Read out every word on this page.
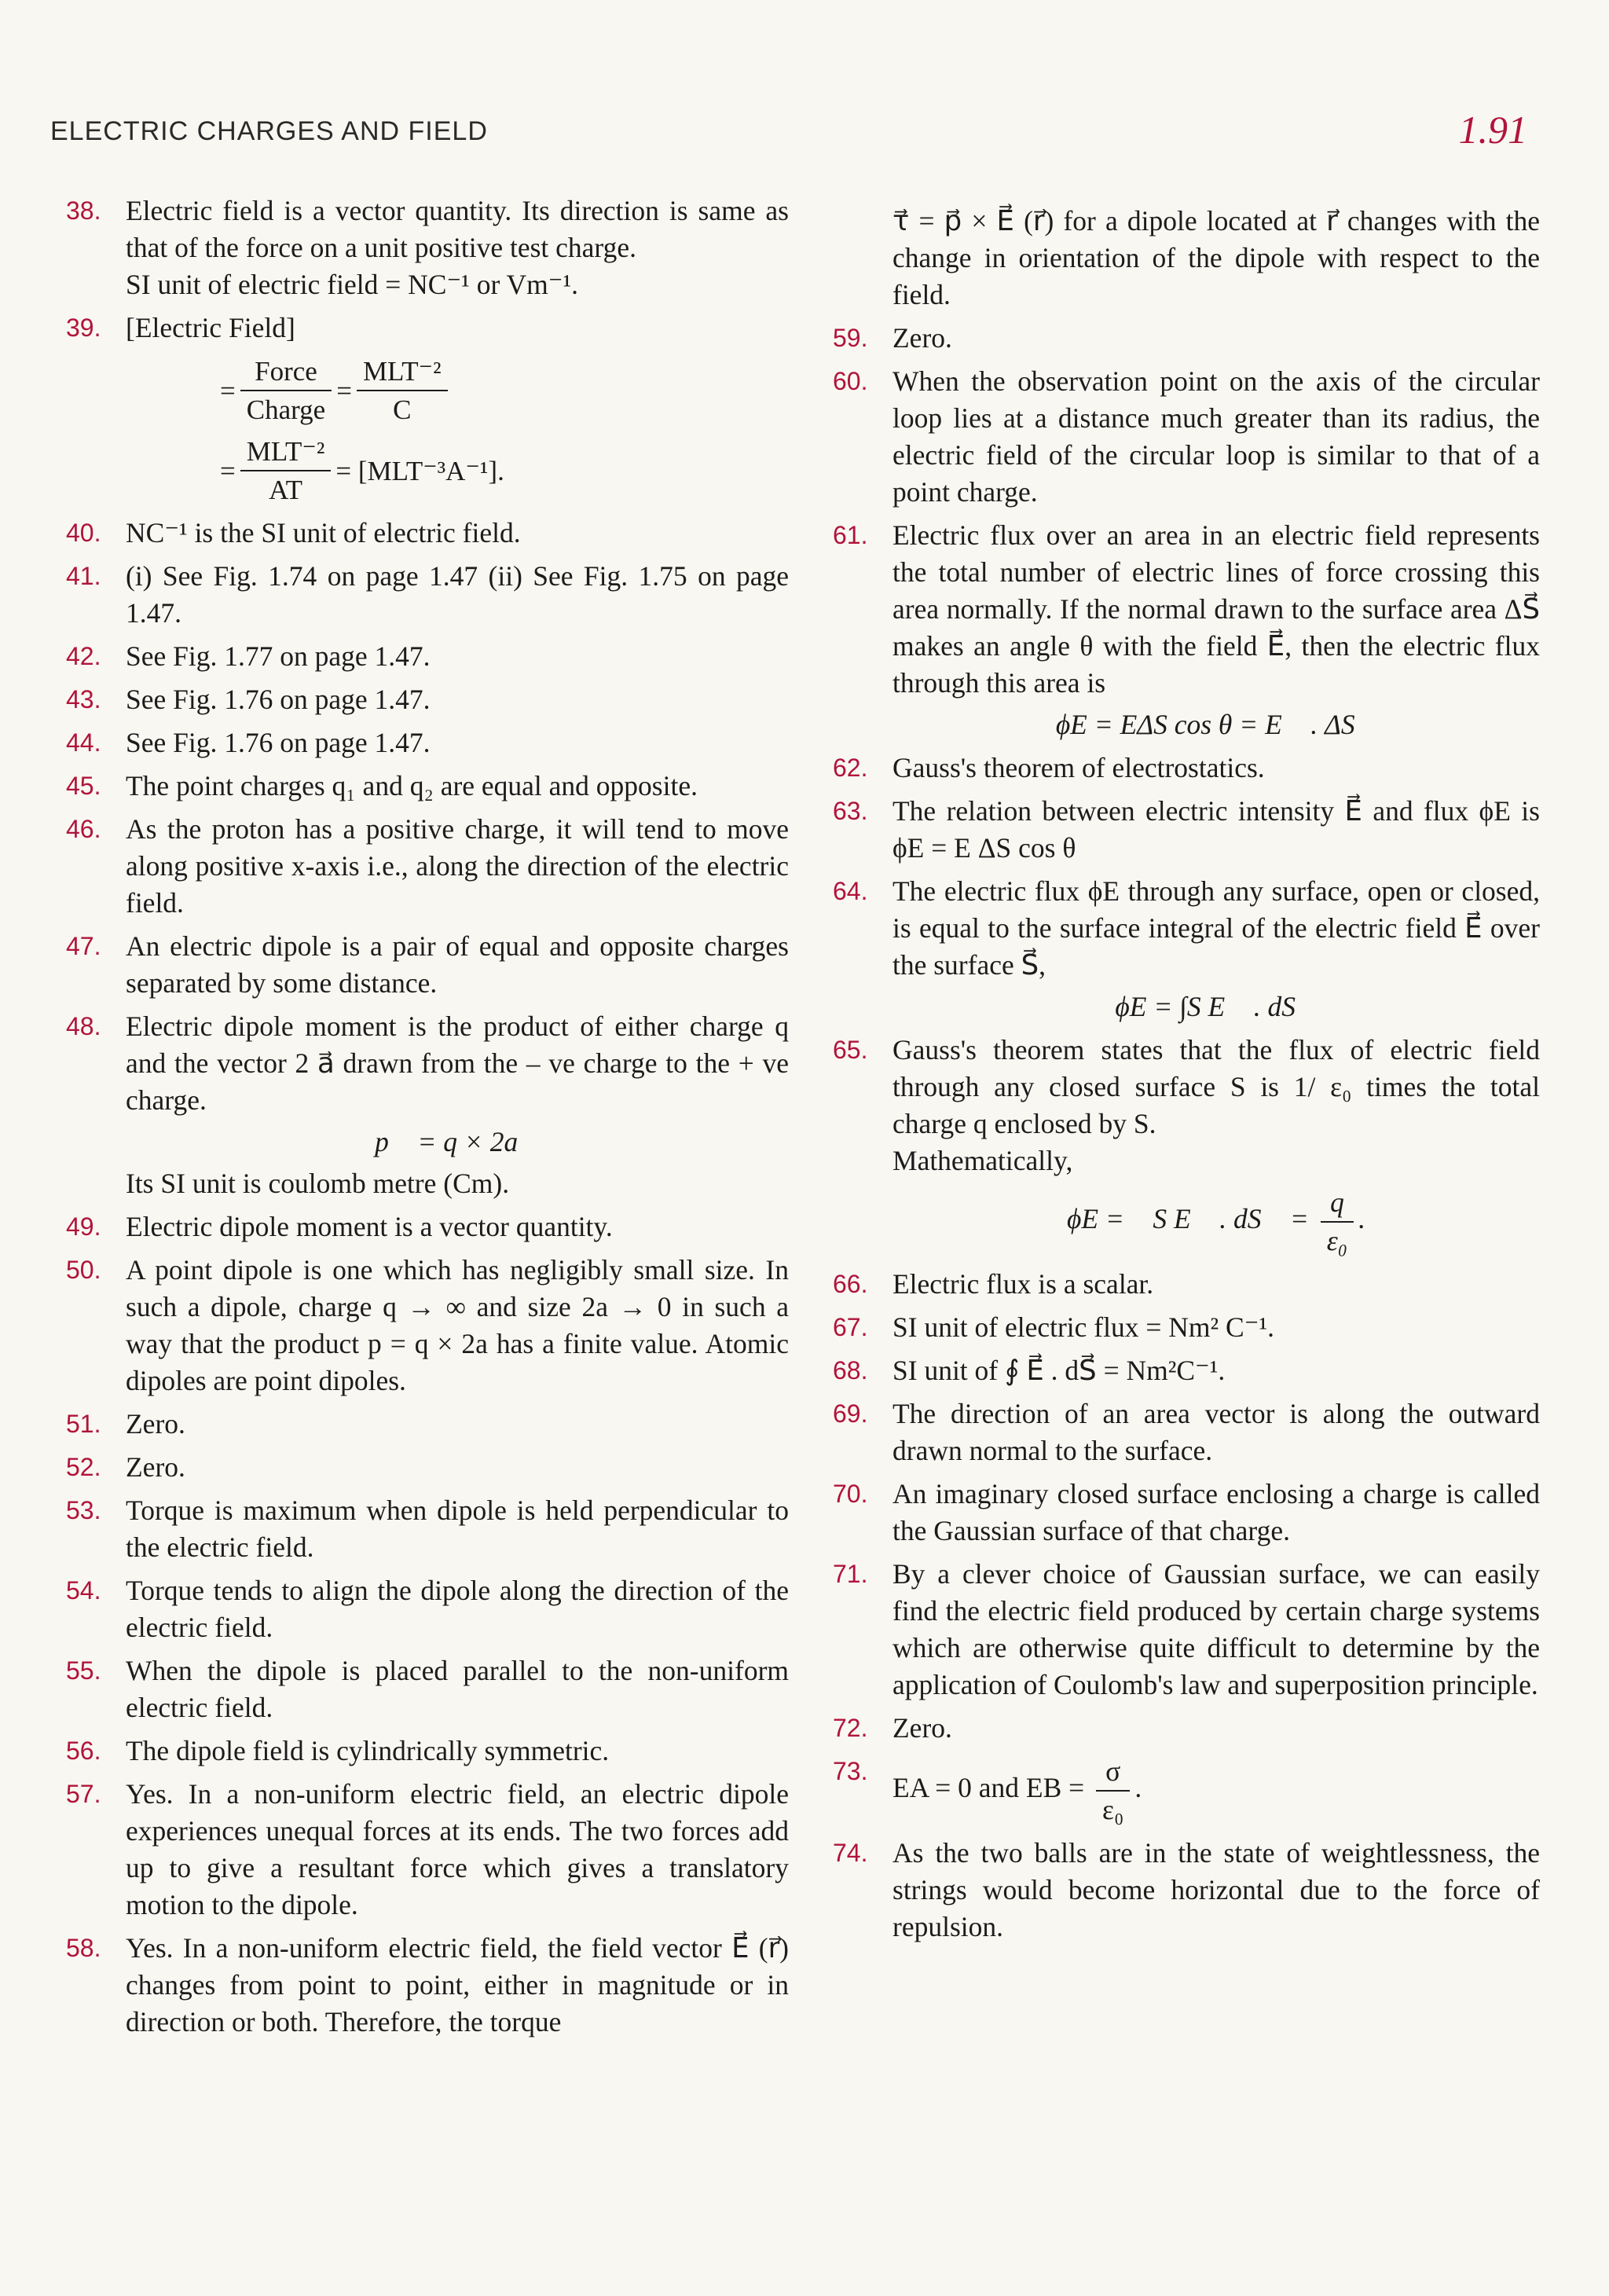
ELECTRIC CHARGES AND FIELD	1.91
38. Electric field is a vector quantity. Its direction is same as that of the force on a unit positive test charge.
SI unit of electric field = NC⁻¹ or Vm⁻¹.
39. [Electric Field]
= $\frac{\text{Force}}{\text{Charge}} = \frac{\text{MLT⁻²}}{C}$
= $\frac{\text{MLT⁻²}}{AT} = [MLT^{-3}A^{-1}]$.
40. NC⁻¹ is the SI unit of electric field.
41. (i) See Fig. 1.74 on page 1.47 (ii) See Fig. 1.75 on page 1.47.
42. See Fig. 1.77 on page 1.47.
43. See Fig. 1.76 on page 1.47.
44. See Fig. 1.76 on page 1.47.
45. The point charges q₁ and q₂ are equal and opposite.
46. As the proton has a positive charge, it will tend to move along positive x-axis i.e., along the direction of the electric field.
47. An electric dipole is a pair of equal and opposite charges separated by some distance.
48. Electric dipole moment is the product of either charge q and the vector 2 a⃗ drawn from the – ve charge to the + ve charge.
p⃗ = q × 2a⃗
Its SI unit is coulomb metre (Cm).
49. Electric dipole moment is a vector quantity.
50. A point dipole is one which has negligibly small size. In such a dipole, charge q → ∞ and size 2a → 0 in such a way that the product p = q × 2a has a finite value. Atomic dipoles are point dipoles.
51. Zero.
52. Zero.
53. Torque is maximum when dipole is held perpendicular to the electric field.
54. Torque tends to align the dipole along the direction of the electric field.
55. When the dipole is placed parallel to the non-uniform electric field.
56. The dipole field is cylindrically symmetric.
57. Yes. In a non-uniform electric field, an electric dipole experiences unequal forces at its ends. The two forces add up to give a resultant force which gives a translatory motion to the dipole.
58. Yes. In a non-uniform electric field, the field vector E⃗ (r⃗) changes from point to point, either in magnitude or in direction or both. Therefore, the torque
τ⃗ = p⃗ × E⃗ (r⃗) for a dipole located at r⃗ changes with the change in orientation of the dipole with respect to the field.
59. Zero.
60. When the observation point on the axis of the circular loop lies at a distance much greater than its radius, the electric field of the circular loop is similar to that of a point charge.
61. Electric flux over an area in an electric field represents the total number of electric lines of force crossing this area normally. If the normal drawn to the surface area ΔS⃗ makes an angle θ with the field E⃗, then the electric flux through this area is
ϕE = EΔS cos θ = E⃗ . ΔS⃗
62. Gauss's theorem of electrostatics.
63. The relation between electric intensity E⃗ and flux ϕE is ϕE = E ΔS cos θ
64. The electric flux ϕE through any surface, open or closed, is equal to the surface integral of the electric field E⃗ over the surface S⃗,
ϕE = ∫S E⃗ . dS⃗
65. Gauss's theorem states that the flux of electric field through any closed surface S is 1/ ε₀ times the total charge q enclosed by S.
Mathematically,
ϕE = ∮S E⃗ . dS⃗ = $\frac{q}{\text{ε₀}}$ .
66. Electric flux is a scalar.
67. SI unit of electric flux = Nm² C⁻¹.
68. SI unit of ∮ E⃗ . dS⃗ = Nm²C⁻¹.
69. The direction of an area vector is along the outward drawn normal to the surface.
70. An imaginary closed surface enclosing a charge is called the Gaussian surface of that charge.
71. By a clever choice of Gaussian surface, we can easily find the electric field produced by certain charge systems which are otherwise quite difficult to determine by the application of Coulomb's law and superposition principle.
72. Zero.
73.
EA = 0 and EB = $\frac{\sigma}{\text{ε₀}}$ .
74. As the two balls are in the state of weightlessness, the strings would become horizontal due to the force of repulsion.
